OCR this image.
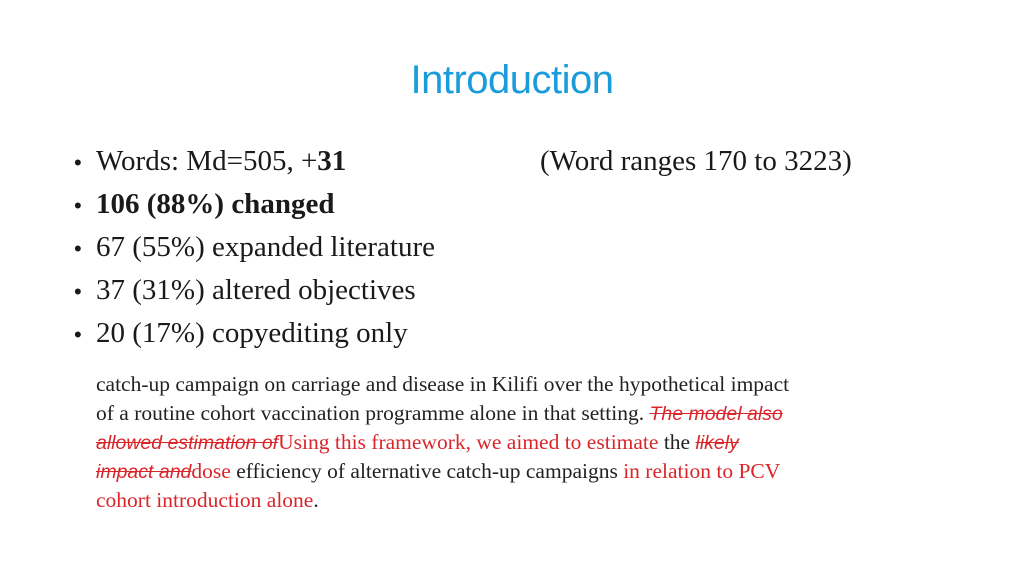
Introduction
• Words: Md=505, + 31
• 106 (88%) changed
• 67 (55%) expanded literature
• 37 (31%) altered objectives
• 20 (17%) copyediting only
(Word ranges 170 to 3223)
catch-up campaign on carriage and disease in Kilifi over the hypothetical impact
of a routine cohort vaccination programme alone in that setting. The model also
allowed estimation ofUsing this framework, we aimed to estimate the likely
impact anddose efficiency of alternative catch-up campaigns in relation to PCV
cohort introduction alone.
